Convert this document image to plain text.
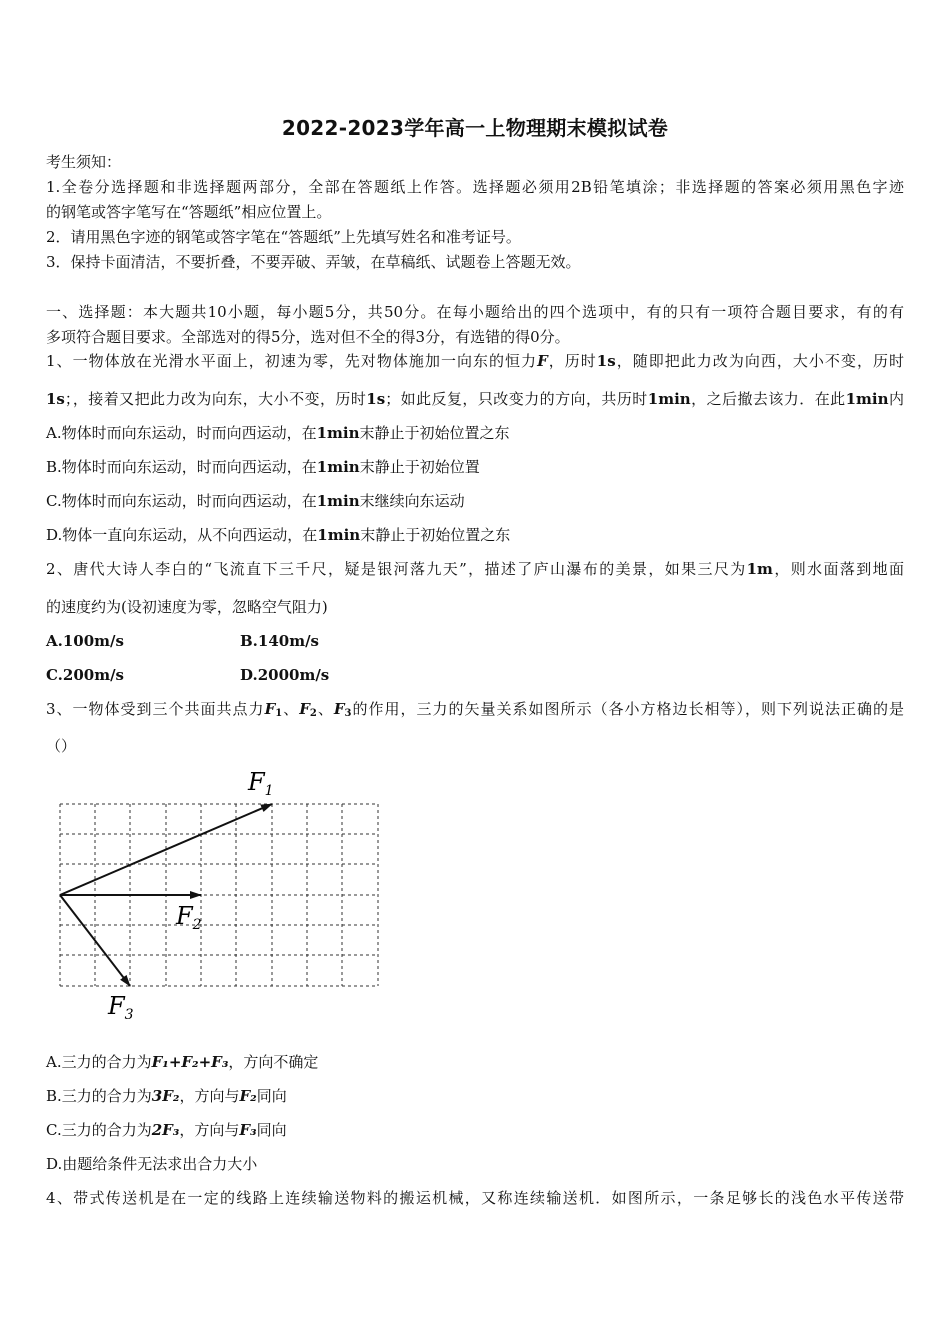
2022-2023学年高一上物理期末模拟试卷
考生须知：
1.全卷分选择题和非选择题两部分，全部在答题纸上作答。选择题必须用2B铅笔填涂；非选择题的答案必须用黑色字迹
的钢笔或答字笔写在“答题纸”相应位置上。
2．请用黑色字迹的钢笔或答字笔在“答题纸”上先填写姓名和准考证号。
3．保持卡面清洁，不要折叠，不要弄破、弄皱，在草稿纸、试题卷上答题无效。
一、选择题：本大题共10小题，每小题5分，共50分。在每小题给出的四个选项中，有的只有一项符合题目要求，有的有
多项符合题目要求。全部选对的得5分，选对但不全的得3分，有选错的得0分。
1、一物体放在光滑水平面上，初速为零，先对物体施加一向东的恒力F，历时1s，随即把此力改为向西，大小不变，历时
1s；，接着又把此力改为向东，大小不变，历时1s；如此反复，只改变力的方向，共历时1min，之后撤去该力．在此1min内
A.物体时而向东运动，时而向西运动，在1min末静止于初始位置之东
B.物体时而向东运动，时而向西运动，在1min末静止于初始位置
C.物体时而向东运动，时而向西运动，在1min末继续向东运动
D.物体一直向东运动，从不向西运动，在1min末静止于初始位置之东
2、唐代大诗人李白的“飞流直下三千尺，疑是银河落九天”，描述了庐山瀑布的美景，如果三尺为1m，则水面落到地面
的速度约为(设初速度为零，忽略空气阻力)
A.100m/s	B.140m/s
C.200m/s	D.2000m/s
3、一物体受到三个共面共点力$F_1$、$F_2$、$F_3$的作用，三力的矢量关系如图所示（各小方格边长相等），则下列说法正确的是
（）
$F_1$
$F_2$
$F_3$
A.三力的合力为F₁+F₂+F₃，方向不确定
B.三力的合力为3F₂，方向与F₂同向
C.三力的合力为2F₃，方向与F₃同向
D.由题给条件无法求出合力大小
4、带式传送机是在一定的线路上连续输送物料的搬运机械，又称连续输送机．如图所示，一条足够长的浅色水平传送带
